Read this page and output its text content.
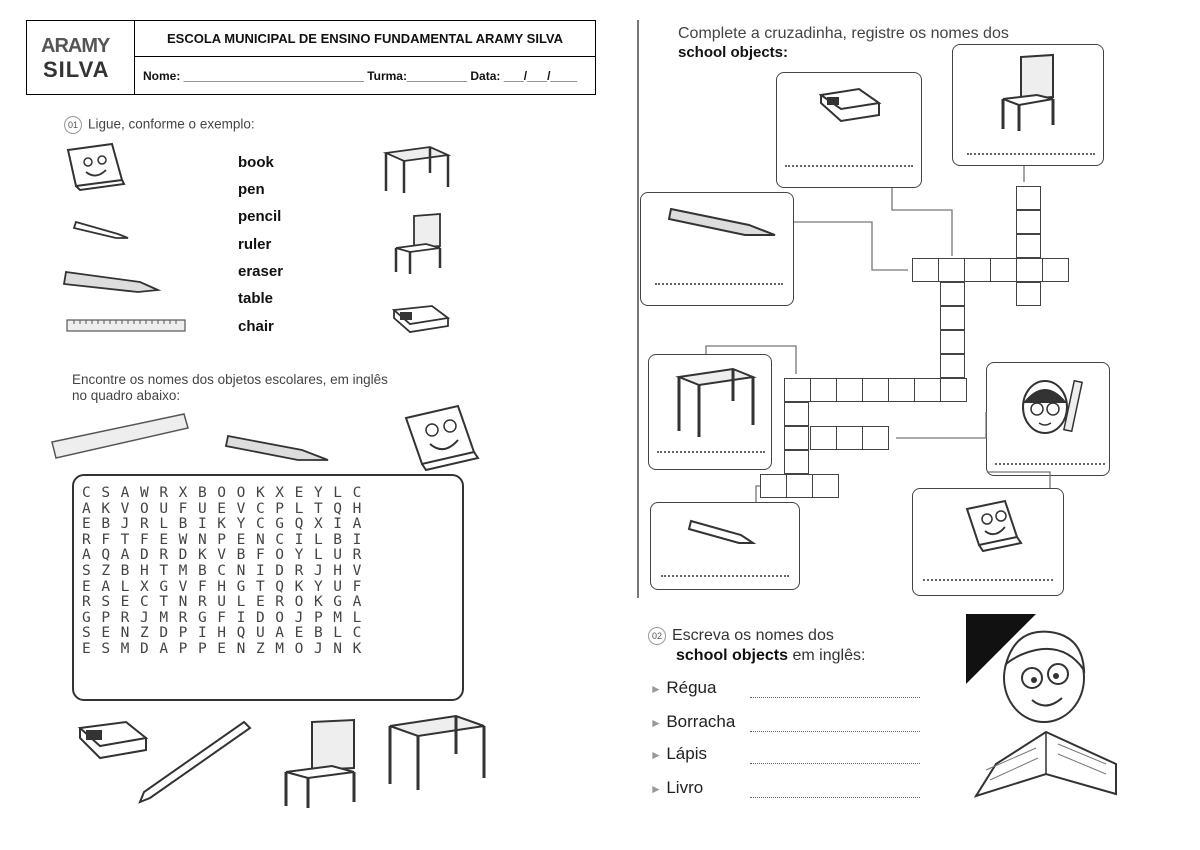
ARAMY
SILVA
ESCOLA MUNICIPAL DE ENSINO FUNDAMENTAL ARAMY SILVA
Nome: ___________________________ Turma:_________ Data: ___/___/____
01 Ligue, conforme o exemplo:
book
pen
pencil
ruler
eraser
table
chair
Encontre os nomes dos objetos escolares, em inglês
no quadro abaixo:
CSAWRXBOOKXEYLC
AKVOUFUEVCPLTQH
EBJRLBIKYCGQXIA
RFTFEWNPENCILBI
AQADRDKVBFOYLUR
SZBHTMBCNIDRJHV
EALXGVFHGTQKYUF
RSECTNRULEROKGA
GPRJMRGFIDOJPML
SENZDPIHQUAEBLC
ESMDAPPENZMOJNK
Complete a cruzadinha, registre os nomes dos
school objects:
02 Escreva os nomes dos
school objects em inglês:
► Régua
► Borracha
► Lápis
► Livro
